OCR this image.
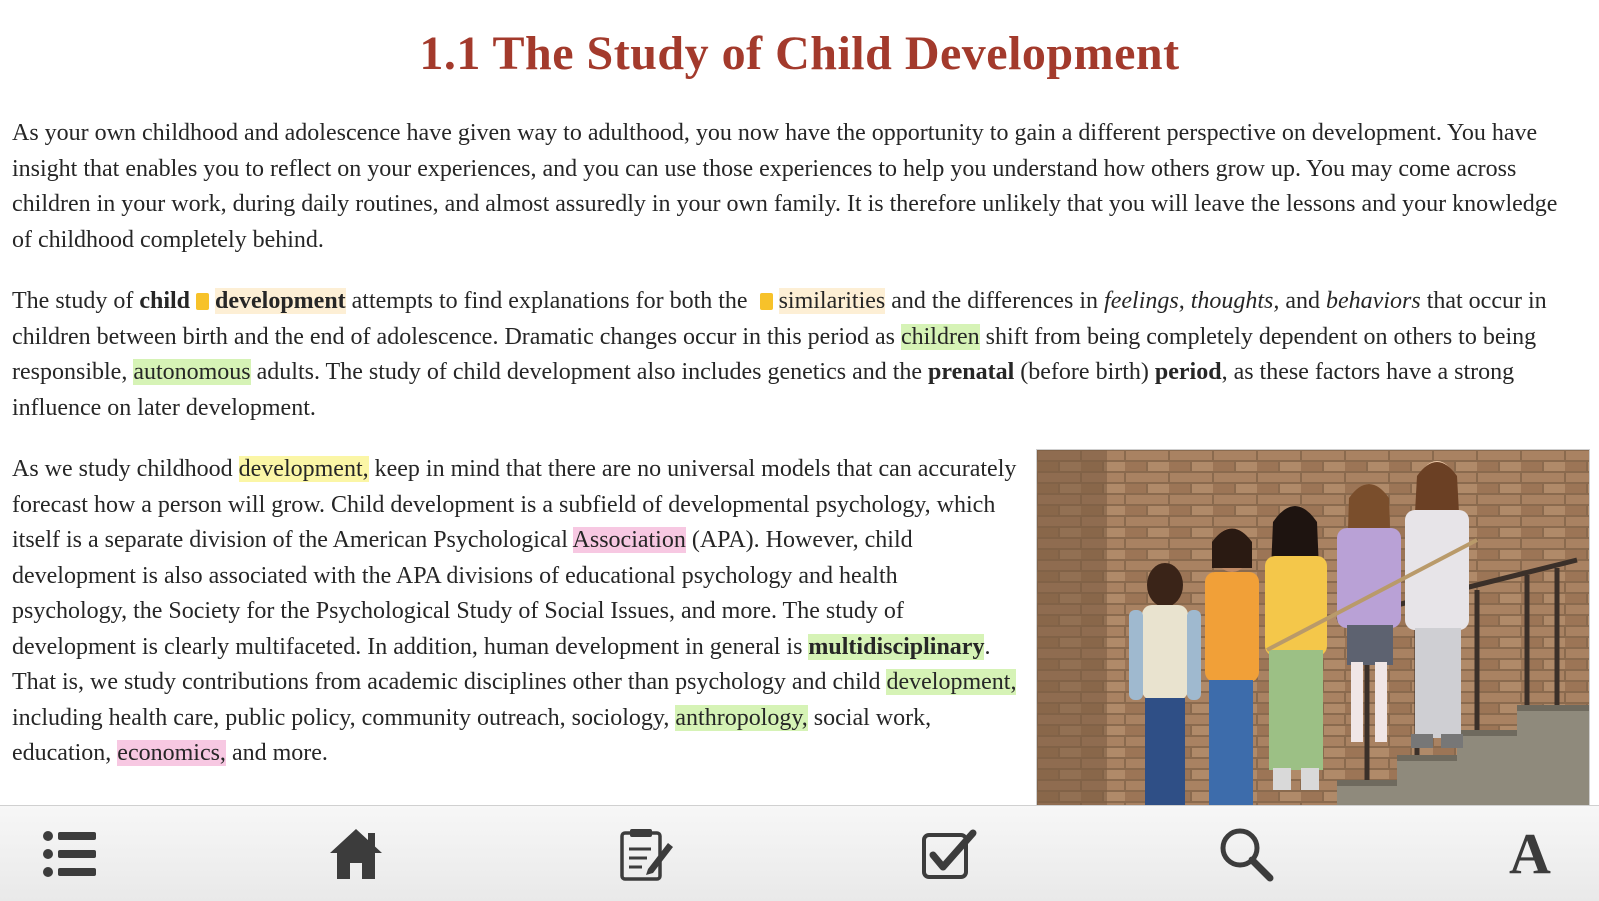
1.1 The Study of Child Development

As your own childhood and adolescence have given way to adulthood, you now have the opportunity to gain a different perspective on development. You have insight that enables you to reflect on your experiences, and you can use those experiences to help you understand how others grow up. You may come across children in your work, during daily routines, and almost assuredly in your own family. It is therefore unlikely that you will leave the lessons and your knowledge of childhood completely behind.

The study of child development attempts to find explanations for both the similarities and the differences in feelings, thoughts, and behaviors that occur in children between birth and the end of adolescence. Dramatic changes occur in this period as children shift from being completely dependent on others to being responsible, autonomous adults. The study of child development also includes genetics and the prenatal (before birth) period, as these factors have a strong influence on later development.

As we study childhood development, keep in mind that there are no universal models that can accurately forecast how a person will grow. Child development is a subfield of developmental psychology, which itself is a separate division of the American Psychological Association (APA). However, child development is also associated with the APA divisions of educational psychology and health psychology, the Society for the Psychological Study of Social Issues, and more. The study of development is clearly multifaceted. In addition, human development in general is multidisciplinary. That is, we study contributions from academic disciplines other than psychology and child development, including health care, public policy, community outreach, sociology, anthropology, social work, education, economics, and more.

A
